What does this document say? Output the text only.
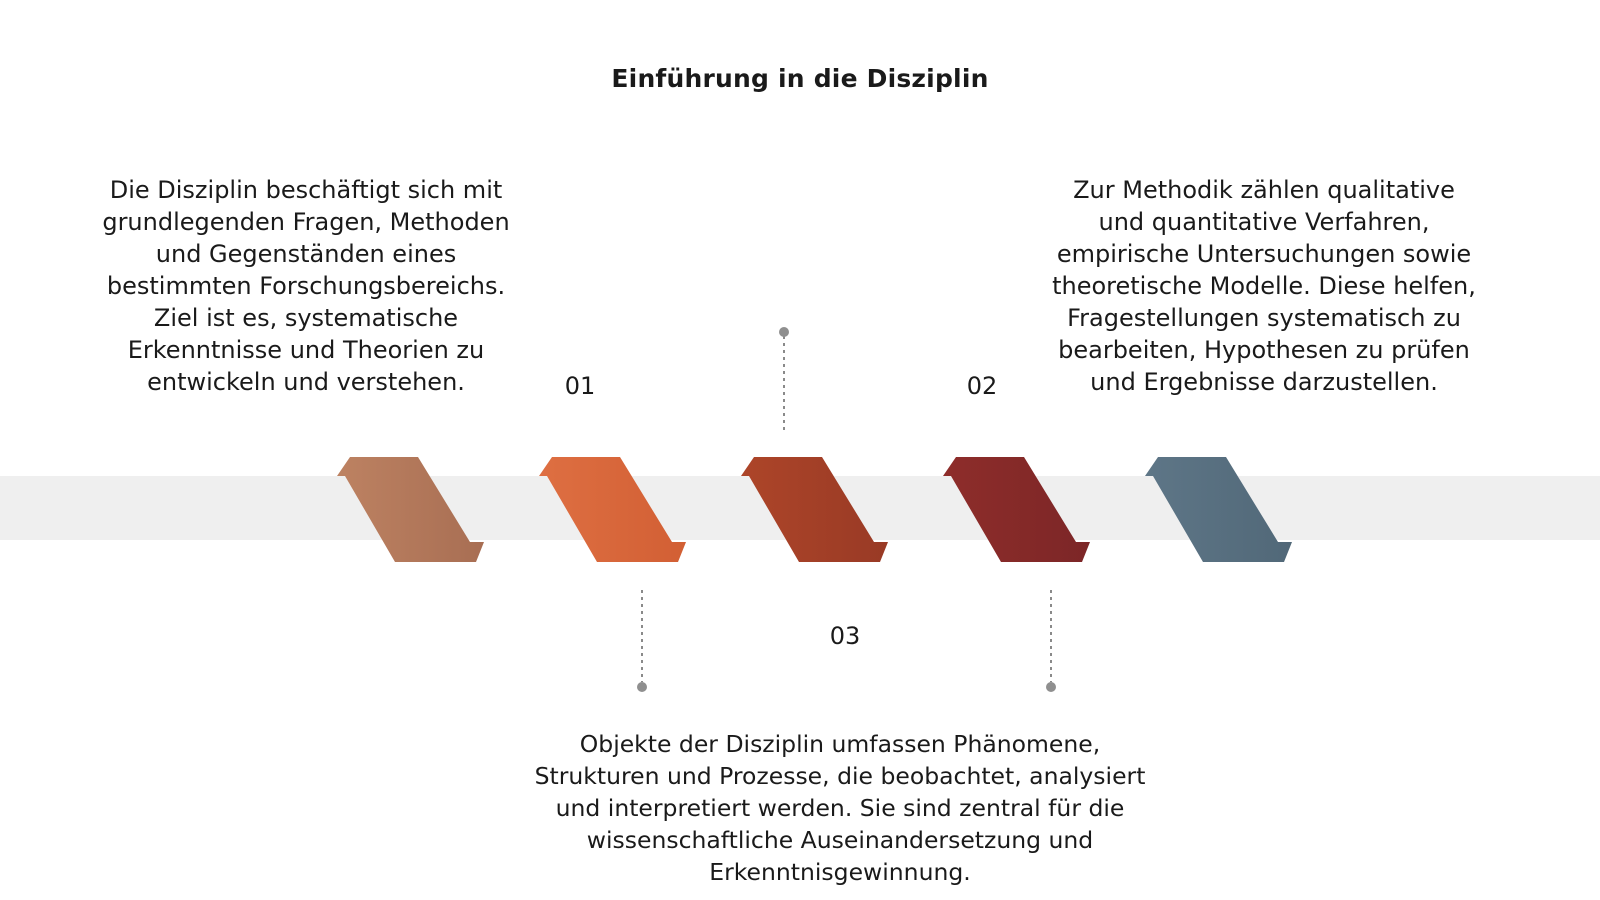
Einführung in die Disziplin
Die Disziplin beschäftigt sich mit
grundlegenden Fragen, Methoden
und Gegenständen eines
bestimmten Forschungsbereichs.
Ziel ist es, systematische
Erkenntnisse und Theorien zu
entwickeln und verstehen.
Zur Methodik zählen qualitative
und quantitative Verfahren,
empirische Untersuchungen sowie
theoretische Modelle. Diese helfen,
Fragestellungen systematisch zu
bearbeiten, Hypothesen zu prüfen
und Ergebnisse darzustellen.
Objekte der Disziplin umfassen Phänomene,
Strukturen und Prozesse, die beobachtet, analysiert
und interpretiert werden. Sie sind zentral für die
wissenschaftliche Auseinandersetzung und
Erkenntnisgewinnung.
01	02
03
